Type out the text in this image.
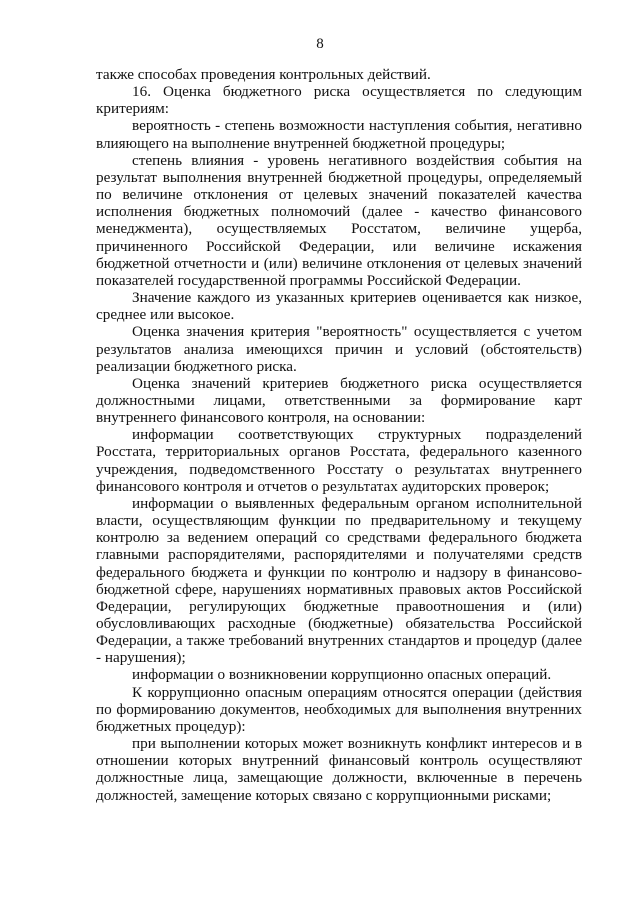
8

также способах проведения контрольных действий.

16. Оценка бюджетного риска осуществляется по следующим критериям:

вероятность - степень возможности наступления события, негативно влияющего на выполнение внутренней бюджетной процедуры;

степень влияния - уровень негативного воздействия события на результат выполнения внутренней бюджетной процедуры, определяемый по величине отклонения от целевых значений показателей качества исполнения бюджетных полномочий (далее - качество финансового менеджмента), осуществляемых Росстатом, величине ущерба, причиненного Российской Федерации, или величине искажения бюджетной отчетности и (или) величине отклонения от целевых значений показателей государственной программы Российской Федерации.

Значение каждого из указанных критериев оценивается как низкое, среднее или высокое.

Оценка значения критерия "вероятность" осуществляется с учетом результатов анализа имеющихся причин и условий (обстоятельств) реализации бюджетного риска.

Оценка значений критериев бюджетного риска осуществляется должностными лицами, ответственными за формирование карт внутреннего финансового контроля, на основании:

информации соответствующих структурных подразделений Росстата, территориальных органов Росстата, федерального казенного учреждения, подведомственного Росстату о результатах внутреннего финансового контроля и отчетов о результатах аудиторских проверок;

информации о выявленных федеральным органом исполнительной власти, осуществляющим функции по предварительному и текущему контролю за ведением операций со средствами федерального бюджета главными распорядителями, распорядителями и получателями средств федерального бюджета и функции по контролю и надзору в финансово-бюджетной сфере, нарушениях нормативных правовых актов Российской Федерации, регулирующих бюджетные правоотношения и (или) обусловливающих расходные (бюджетные) обязательства Российской Федерации, а также требований внутренних стандартов и процедур (далее - нарушения);

информации о возникновении коррупционно опасных операций.

К коррупционно опасным операциям относятся операции (действия по формированию документов, необходимых для выполнения внутренних бюджетных процедур):

при выполнении которых может возникнуть конфликт интересов и в отношении которых внутренний финансовый контроль осуществляют должностные лица, замещающие должности, включенные в перечень должностей, замещение которых связано с коррупционными рисками;
